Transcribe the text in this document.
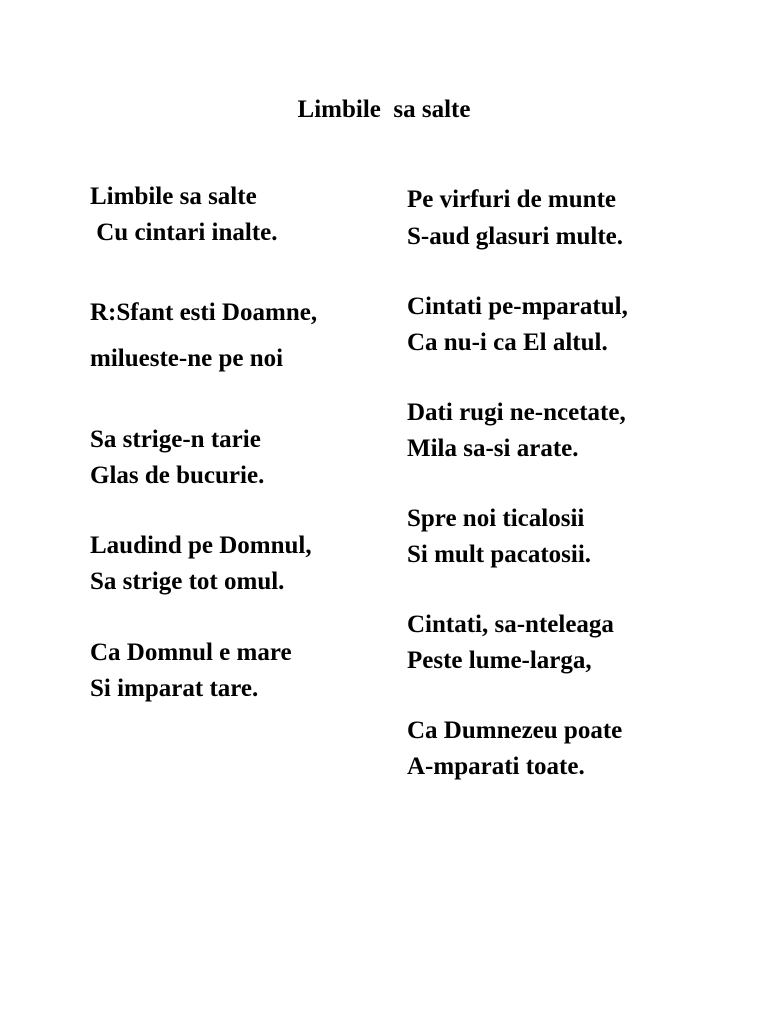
Limbile  sa salte
Limbile sa salte
Cu cintari inalte.
R:Sfant esti Doamne,
milueste-ne pe noi
Sa strige-n tarie
Glas de bucurie.
Laudind pe Domnul,
Sa strige tot omul.
Ca Domnul e mare
Si imparat tare.
Pe virfuri de munte
S-aud glasuri multe.
Cintati pe-mparatul,
Ca nu-i ca El altul.
Dati rugi ne-ncetate,
Mila sa-si arate.
Spre noi ticalosii
Si mult pacatosii.
Cintati, sa-nteleaga
Peste lume-larga,
Ca Dumnezeu poate
A-mparati toate.
